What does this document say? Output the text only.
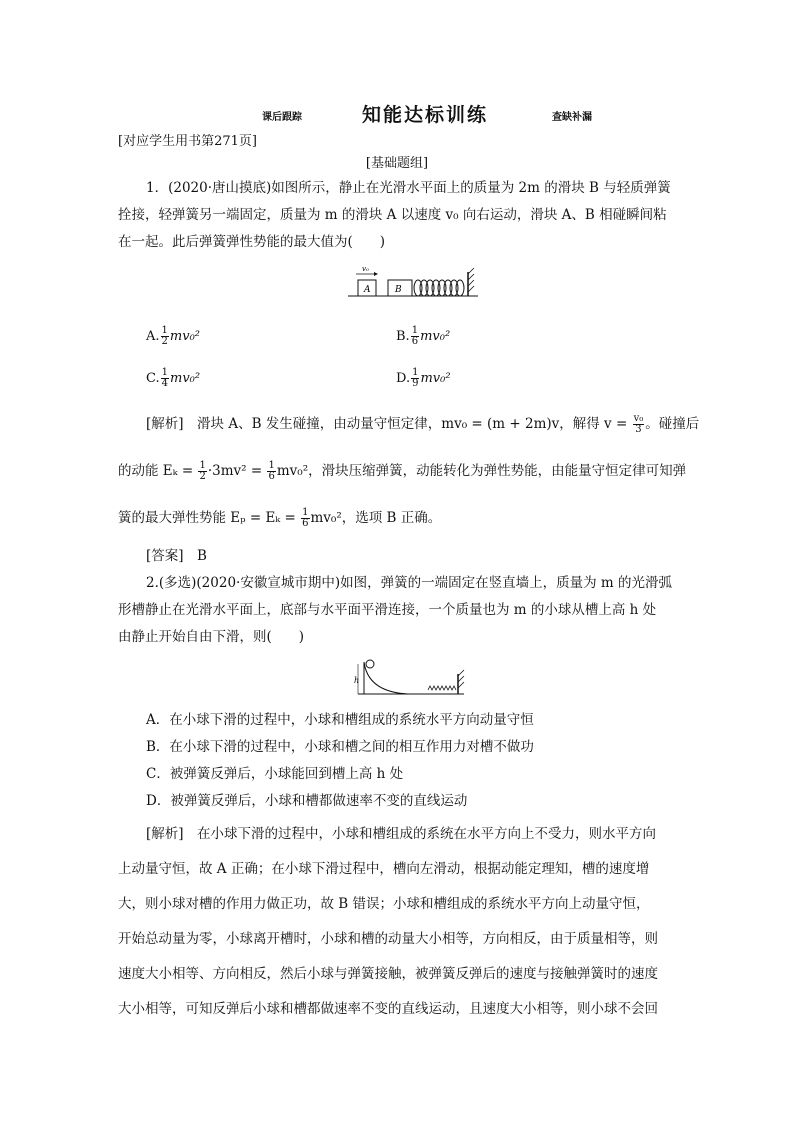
课后跟踪	知能达标训练	查缺补漏
[对应学生用书第271页]
[基础题组]
1．(2020·唐山摸底)如图所示，静止在光滑水平面上的质量为 2m 的滑块 B 与轻质弹簧
拴接，轻弹簧另一端固定，质量为 m 的滑块 A 以速度 v₀ 向右运动，滑块 A、B 相碰瞬间粘
在一起。此后弹簧弹性势能的最大值为(　　)
A	B
v₀
A. $\frac{1}{2} mv_0^2$	B. $\frac{1}{6} mv_0^2$
C. $\frac{1}{4} mv_0^2$	D. $\frac{1}{9} mv_0^2$
[解析]　滑块 A、B 发生碰撞，由动量守恒定律，mv₀ = (m + 2m)v，解得 $v = \frac{\text{v₀}}{3}$ 。碰撞后
的动能 $E_k = \frac{1}{2} \cdot 3mv^2 = \frac{1}{6} mv_0^2$，滑块压缩弹簧，动能转化为弹性势能，由能量守恒定律可知弹
簧的最大弹性势能 $E_p = E_k = \frac{1}{6} mv_0^2$，选项 B 正确。
[答案]　B
2.(多选)(2020·安徽宣城市期中)如图，弹簧的一端固定在竖直墙上，质量为 m 的光滑弧
形槽静止在光滑水平面上，底部与水平面平滑连接，一个质量也为 m 的小球从槽上高 h 处
由静止开始自由下滑，则(　　)
h
A．在小球下滑的过程中，小球和槽组成的系统水平方向动量守恒
B．在小球下滑的过程中，小球和槽之间的相互作用力对槽不做功
C．被弹簧反弹后，小球能回到槽上高 h 处
D．被弹簧反弹后，小球和槽都做速率不变的直线运动
[解析]　在小球下滑的过程中，小球和槽组成的系统在水平方向上不受力，则水平方向
上动量守恒，故 A 正确；在小球下滑过程中，槽向左滑动，根据动能定理知，槽的速度增
大，则小球对槽的作用力做正功，故 B 错误；小球和槽组成的系统水平方向上动量守恒，
开始总动量为零，小球离开槽时，小球和槽的动量大小相等，方向相反，由于质量相等，则
速度大小相等、方向相反，然后小球与弹簧接触，被弹簧反弹后的速度与接触弹簧时的速度
大小相等，可知反弹后小球和槽都做速率不变的直线运动，且速度大小相等，则小球不会回
